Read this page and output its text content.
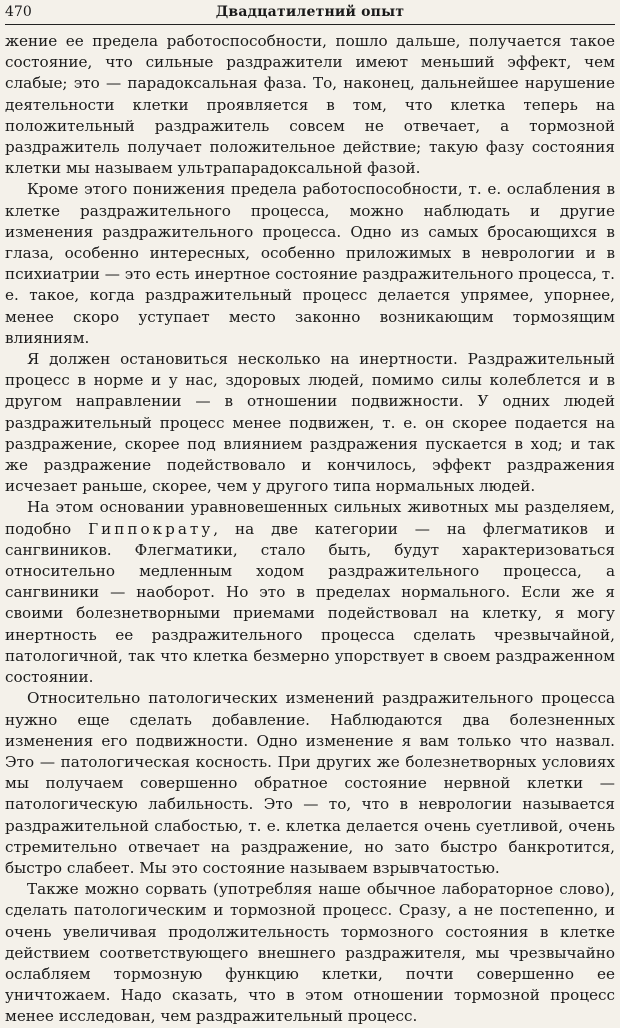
470	Двадцатилетний опыт

жение ее предела работоспособности, пошло дальше, получается такое состояние, что сильные раздражители имеют меньший эффект, чем слабые; это — парадоксальная фаза. То, наконец, дальнейшее нарушение деятельности клетки проявляется в том, что клетка теперь на положительный раздражитель совсем не отвечает, а тормозной раздражитель получает положительное действие; такую фазу состояния клетки мы называем ультрапарадоксальной фазой.

Кроме этого понижения предела работоспособности, т. е. ослабления в клетке раздражительного процесса, можно наблюдать и другие изменения раздражительного процесса. Одно из самых бросающихся в глаза, особенно интересных, особенно приложимых в неврологии и в психиатрии — это есть инертное состояние раздражительного процесса, т. е. такое, когда раздражительный процесс делается упрямее, упорнее, менее скоро уступает место законно возникающим тормозящим влияниям.

Я должен остановиться несколько на инертности. Раздражительный процесс в норме и у нас, здоровых людей, помимо силы колеблется и в другом направлении — в отношении подвижности. У одних людей раздражительный процесс менее подвижен, т. е. он скорее подается на раздражение, скорее под влиянием раздражения пускается в ход; и так же раздражение подействовало и кончилось, эффект раздражения исчезает раньше, скорее, чем у другого типа нормальных людей.

На этом основании уравновешенных сильных животных мы разделяем, подобно Гиппократу, на две категории — на флегматиков и сангвиников. Флегматики, стало быть, будут характеризоваться относительно медленным ходом раздражительного процесса, а сангвиники — наоборот. Но это в пределах нормального. Если же я своими болезнетворными приемами подействовал на клетку, я могу инертность ее раздражительного процесса сделать чрезвычайной, патологичной, так что клетка безмерно упорствует в своем раздраженном состоянии.

Относительно патологических изменений раздражительного процесса нужно еще сделать добавление. Наблюдаются два болезненных изменения его подвижности. Одно изменение я вам только что назвал. Это — патологическая косность. При других же болезнетворных условиях мы получаем совершенно обратное состояние нервной клетки — патологическую лабильность. Это — то, что в неврологии называется раздражительной слабостью, т. е. клетка делается очень суетливой, очень стремительно отвечает на раздражение, но зато быстро банкротится, быстро слабеет. Мы это состояние называем взрывчатостью.

Также можно сорвать (употребляя наше обычное лабораторное слово), сделать патологическим и тормозной процесс. Сразу, а не постепенно, и очень увеличивая продолжительность тормозного состояния в клетке действием соответствующего внешнего раздражителя, мы чрезвычайно ослабляем тормозную функцию клетки, почти совершенно ее уничтожаем. Надо сказать, что в этом отношении тормозной процесс менее исследован, чем раздражительный процесс.
